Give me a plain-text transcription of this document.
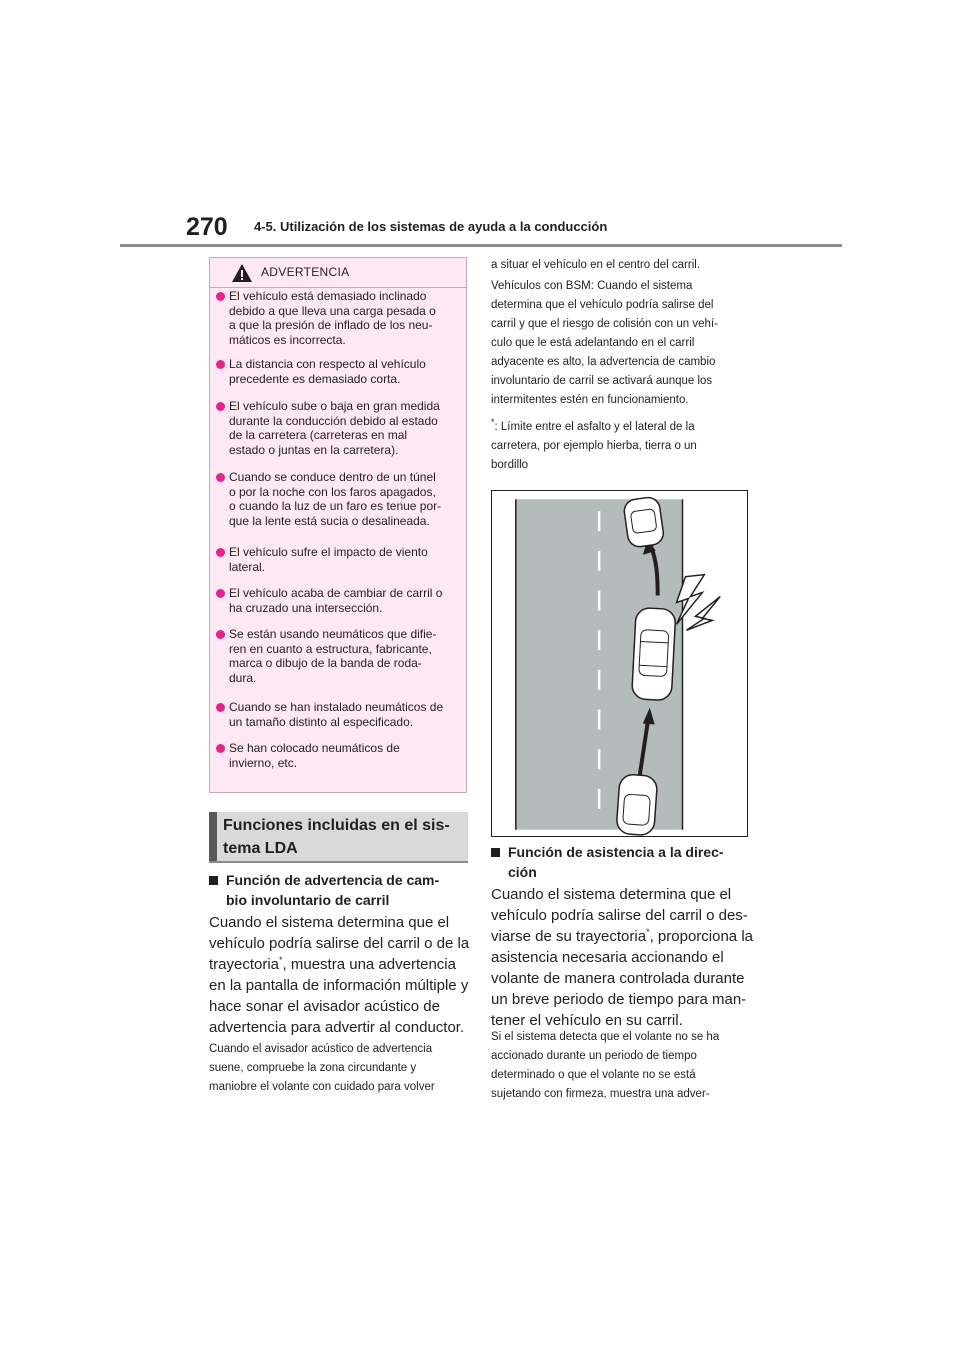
270 4-5. Utilización de los sistemas de ayuda a la conducción
ADVERTENCIA
El vehículo está demasiado inclinado
debido a que lleva una carga pesada o
a que la presión de inflado de los neu-
máticos es incorrecta.
La distancia con respecto al vehículo
precedente es demasiado corta.
El vehículo sube o baja en gran medida
durante la conducción debido al estado
de la carretera (carreteras en mal
estado o juntas en la carretera).
Cuando se conduce dentro de un túnel
o por la noche con los faros apagados,
o cuando la luz de un faro es tenue por-
que la lente está sucia o desalineada.
El vehículo sufre el impacto de viento
lateral.
El vehículo acaba de cambiar de carril o
ha cruzado una intersección.
Se están usando neumáticos que difie-
ren en cuanto a estructura, fabricante,
marca o dibujo de la banda de roda-
dura.
Cuando se han instalado neumáticos de
un tamaño distinto al especificado.
Se han colocado neumáticos de
invierno, etc.
Funciones incluidas en el sis-
tema LDA
Función de advertencia de cam-
bio involuntario de carril
Cuando el sistema determina que el
vehículo podría salirse del carril o de la
trayectoria*, muestra una advertencia
en la pantalla de información múltiple y
hace sonar el avisador acústico de
advertencia para advertir al conductor.
Cuando el avisador acústico de advertencia
suene, compruebe la zona circundante y
maniobre el volante con cuidado para volver
a situar el vehículo en el centro del carril.
Vehículos con BSM: Cuando el sistema
determina que el vehículo podría salirse del
carril y que el riesgo de colisión con un vehí-
culo que le está adelantando en el carril
adyacente es alto, la advertencia de cambio
involuntario de carril se activará aunque los
intermitentes estén en funcionamiento.
*: Límite entre el asfalto y el lateral de la
carretera, por ejemplo hierba, tierra o un
bordillo
Función de asistencia a la direc-
ción
Cuando el sistema determina que el
vehículo podría salirse del carril o des-
viarse de su trayectoria*, proporciona la
asistencia necesaria accionando el
volante de manera controlada durante
un breve periodo de tiempo para man-
tener el vehículo en su carril.
Si el sistema detecta que el volante no se ha
accionado durante un periodo de tiempo
determinado o que el volante no se está
sujetando con firmeza, muestra una adver-
